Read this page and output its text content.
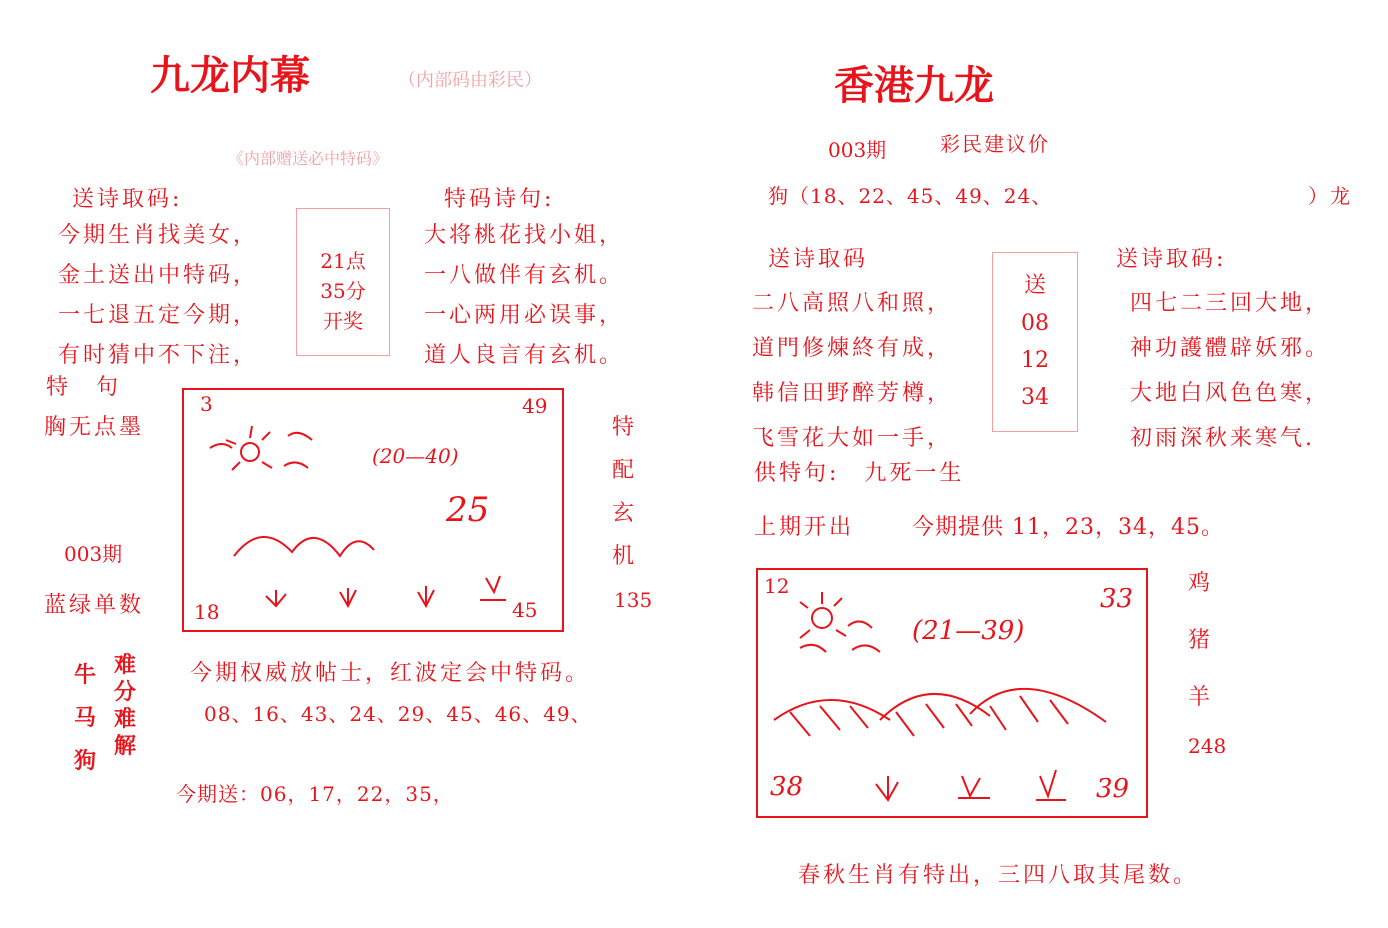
九龙内幕	（内部码由彩民）
《内部赠送必中特码》
送诗取码:
今期生肖找美女，
金土送出中特码，
一七退五定今期，
有时猜中不下注，
21点
35分
开奖
特码诗句:
大将桃花找小姐，
一八做伴有玄机。
一心两用必误事，
道人良言有玄机。
特　句
胸无点墨
003期
蓝绿单数
3	49
(20—40)
25
18	45
特
配
玄
机
135
牛
马
狗
难
分
难
解
今期权威放帖士，红波定会中特码。
08、16、43、24、29、45、46、49、
今期送：06，17，22，35，
香港九龙
003期	彩民建议价
狗（18、22、45、49、24、	）龙
送诗取码
二八高照八和照，
道門修煉終有成，
韩信田野醉芳樽，
飞雪花大如一手，
送
08
12
34
送诗取码:
四七二三回大地，
神功護體辟妖邪。
大地白风色色寒，
初雨深秋来寒气.
供特句:　九死一生
上期开出	今期提供 11，23，34，45。
12	33
(21—39)
38	39
鸡
猪
羊
248
春秋生肖有特出，三四八取其尾数。
